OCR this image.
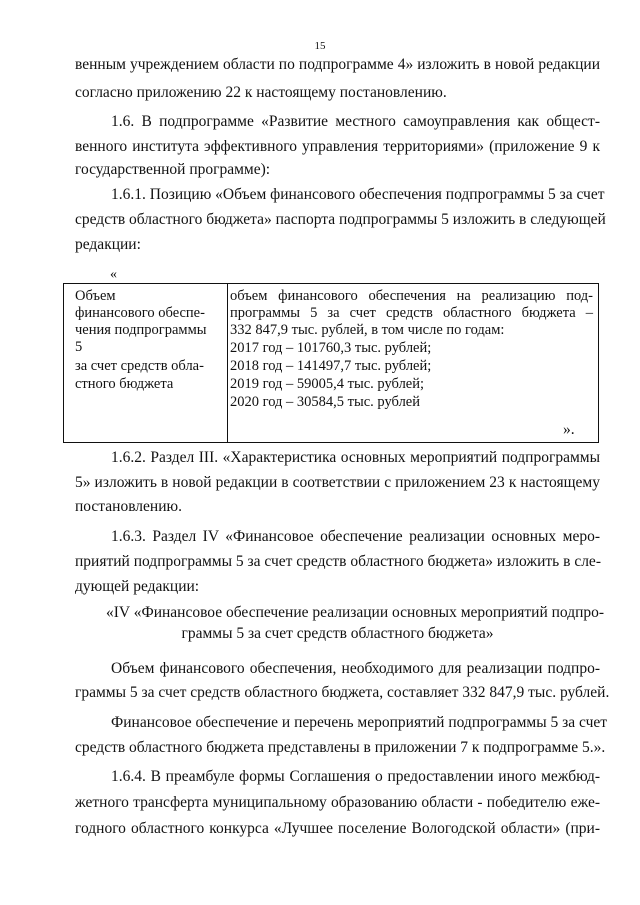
15
венным учреждением области по подпрограмме 4» изложить в новой редакции
согласно приложению 22 к настоящему постановлению.
1.6. В подпрограмме «Развитие местного самоуправления как общест-
венного института эффективного управления территориями» (приложение 9 к
государственной программе):
1.6.1. Позицию «Объем финансового обеспечения подпрограммы 5 за счет
средств областного бюджета» паспорта подпрограммы 5 изложить в следующей
редакции:
«
Объем
финансового обеспе-
чения подпрограммы
5
за счет средств обла-
стного бюджета
объем финансового обеспечения на реализацию под-
программы 5 за счет средств областного бюджета –
332 847,9 тыс. рублей, в том числе по годам:
2017 год – 101760,3 тыс. рублей;
2018 год – 141497,7 тыс. рублей;
2019 год – 59005,4 тыс. рублей;
2020 год – 30584,5 тыс. рублей
».
1.6.2. Раздел III. «Характеристика основных мероприятий подпрограммы
5» изложить в новой редакции в соответствии с приложением 23 к настоящему
постановлению.
1.6.3. Раздел IV «Финансовое обеспечение реализации основных меро-
приятий подпрограммы 5 за счет средств областного бюджета» изложить в сле-
дующей редакции:
«IV «Финансовое обеспечение реализации основных мероприятий подпро-
граммы 5 за счет средств областного бюджета»
Объем финансового обеспечения, необходимого для реализации подпро-
граммы 5 за счет средств областного бюджета, составляет 332 847,9 тыс. рублей.
Финансовое обеспечение и перечень мероприятий подпрограммы 5 за счет
средств областного бюджета представлены в приложении 7 к подпрограмме 5.».
1.6.4. В преамбуле формы Соглашения о предоставлении иного межбюд-
жетного трансферта муниципальному образованию области - победителю еже-
годного областного конкурса «Лучшее поселение Вологодской области» (при-
